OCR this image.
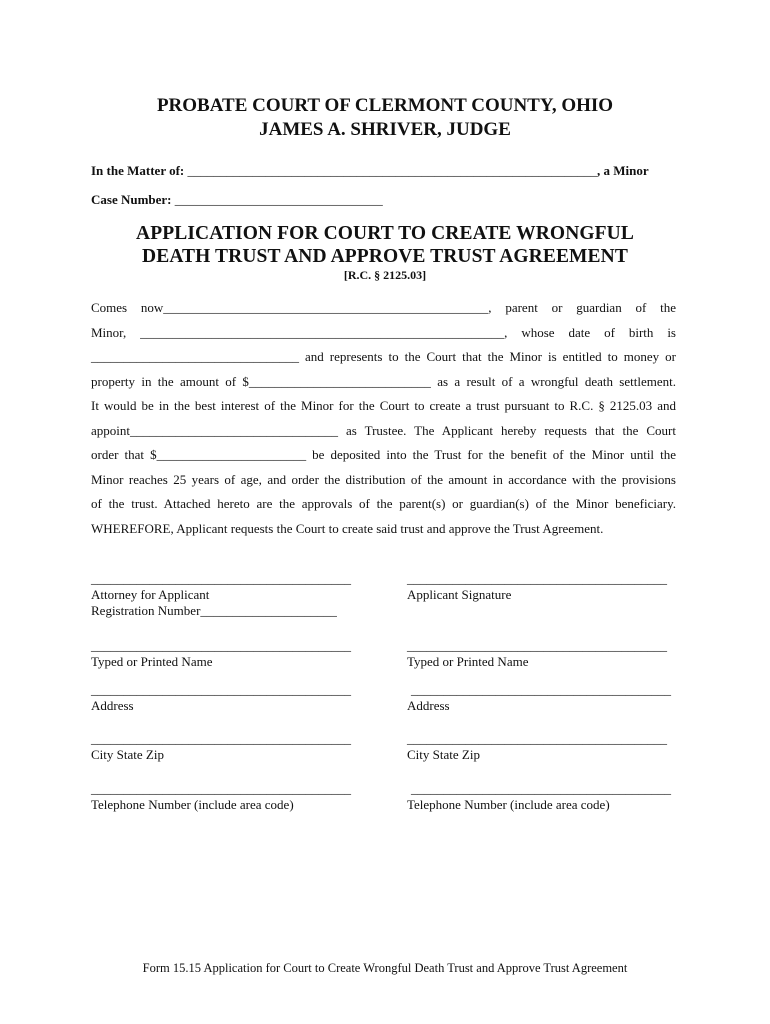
PROBATE COURT OF CLERMONT COUNTY, OHIO
JAMES A. SHRIVER, JUDGE
In the Matter of: _______________________________________________________________, a Minor
Case Number: ________________________________
APPLICATION FOR COURT TO CREATE WRONGFUL
DEATH TRUST AND APPROVE TRUST AGREEMENT
[R.C. § 2125.03]
Comes now__________________________________________________, parent or guardian of the
Minor, ________________________________________________________, whose date of birth is
________________________________ and represents to the Court that the Minor is entitled to money or
property in the amount of $____________________________ as a result of a wrongful death settlement.
It would be in the best interest of the Minor for the Court to create a trust pursuant to R.C. § 2125.03 and
appoint________________________________ as Trustee. The Applicant hereby requests that the Court
order that $_______________________ be deposited into the Trust for the benefit of the Minor until the
Minor reaches 25 years of age, and order the distribution of the amount in accordance with the provisions
of the trust. Attached hereto are the approvals of the parent(s) or guardian(s) of the Minor beneficiary.
WHEREFORE, Applicant requests the Court to create said trust and approve the Trust Agreement.
________________________________________
Attorney for Applicant
Registration Number_____________________
________________________________________
Typed or Printed Name
________________________________________
Address
________________________________________
City State Zip
________________________________________
Telephone Number (include area code)
________________________________________
Applicant Signature
________________________________________
Typed or Printed Name
________________________________________
Address
________________________________________
City State Zip
________________________________________
Telephone Number (include area code)
Form 15.15 Application for Court to Create Wrongful Death Trust and Approve Trust Agreement
